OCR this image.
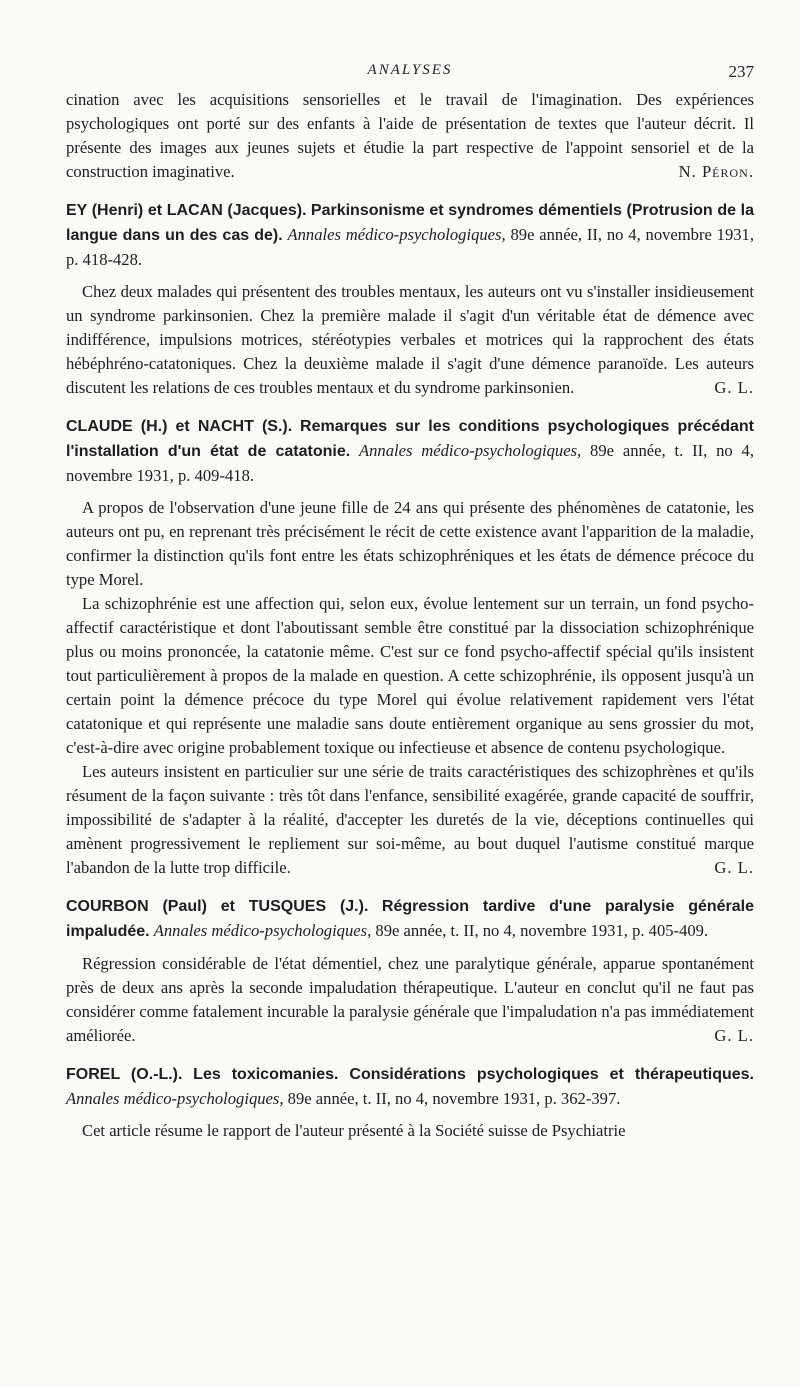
ANALYSES	237

cination avec les acquisitions sensorielles et le travail de l'imagination. Des expériences psychologiques ont porté sur des enfants à l'aide de présentation de textes que l'auteur décrit. Il présente des images aux jeunes sujets et étudie la part respective de l'appoint sensoriel et de la construction imaginative.	N. Péron.

EY (Henri) et LACAN (Jacques). Parkinsonisme et syndromes démentiels (Protrusion de la langue dans un des cas de). Annales médico-psychologiques, 89e année, II, no 4, novembre 1931, p. 418-428.

Chez deux malades qui présentent des troubles mentaux, les auteurs ont vu s'installer insidieusement un syndrome parkinsonien. Chez la première malade il s'agit d'un véritable état de démence avec indifférence, impulsions motrices, stéréotypies verbales et motrices qui la rapprochent des états hébéphréno-catatoniques. Chez la deuxième malade il s'agit d'une démence paranoïde. Les auteurs discutent les relations de ces troubles mentaux et du syndrome parkinsonien.	G. L.

CLAUDE (H.) et NACHT (S.). Remarques sur les conditions psychologiques précédant l'installation d'un état de catatonie. Annales médico-psychologiques, 89e année, t. II, no 4, novembre 1931, p. 409-418.

A propos de l'observation d'une jeune fille de 24 ans qui présente des phénomènes de catatonie, les auteurs ont pu, en reprenant très précisément le récit de cette existence avant l'apparition de la maladie, confirmer la distinction qu'ils font entre les états schizophréniques et les états de démence précoce du type Morel.

La schizophrénie est une affection qui, selon eux, évolue lentement sur un terrain, un fond psycho-affectif caractéristique et dont l'aboutissant semble être constitué par la dissociation schizophrénique plus ou moins prononcée, la catatonie même. C'est sur ce fond psycho-affectif spécial qu'ils insistent tout particulièrement à propos de la malade en question. A cette schizophrénie, ils opposent jusqu'à un certain point la démence précoce du type Morel qui évolue relativement rapidement vers l'état catatonique et qui représente une maladie sans doute entièrement organique au sens grossier du mot, c'est-à-dire avec origine probablement toxique ou infectieuse et absence de contenu psychologique.

Les auteurs insistent en particulier sur une série de traits caractéristiques des schizophrènes et qu'ils résument de la façon suivante : très tôt dans l'enfance, sensibilité exagérée, grande capacité de souffrir, impossibilité de s'adapter à la réalité, d'accepter les duretés de la vie, déceptions continuelles qui amènent progressivement le repliement sur soi-même, au bout duquel l'autisme constitué marque l'abandon de la lutte trop difficile.	G. L.

COURBON (Paul) et TUSQUES (J.). Régression tardive d'une paralysie générale impaludée. Annales médico-psychologiques, 89e année, t. II, no 4, novembre 1931, p. 405-409.

Régression considérable de l'état démentiel, chez une paralytique générale, apparue spontanément près de deux ans après la seconde impaludation thérapeutique. L'auteur en conclut qu'il ne faut pas considérer comme fatalement incurable la paralysie générale que l'impaludation n'a pas immédiatement améliorée.	G. L.

FOREL (O.-L.). Les toxicomanies. Considérations psychologiques et thérapeutiques. Annales médico-psychologiques, 89e année, t. II, no 4, novembre 1931, p. 362-397.

Cet article résume le rapport de l'auteur présenté à la Société suisse de Psychiatrie
